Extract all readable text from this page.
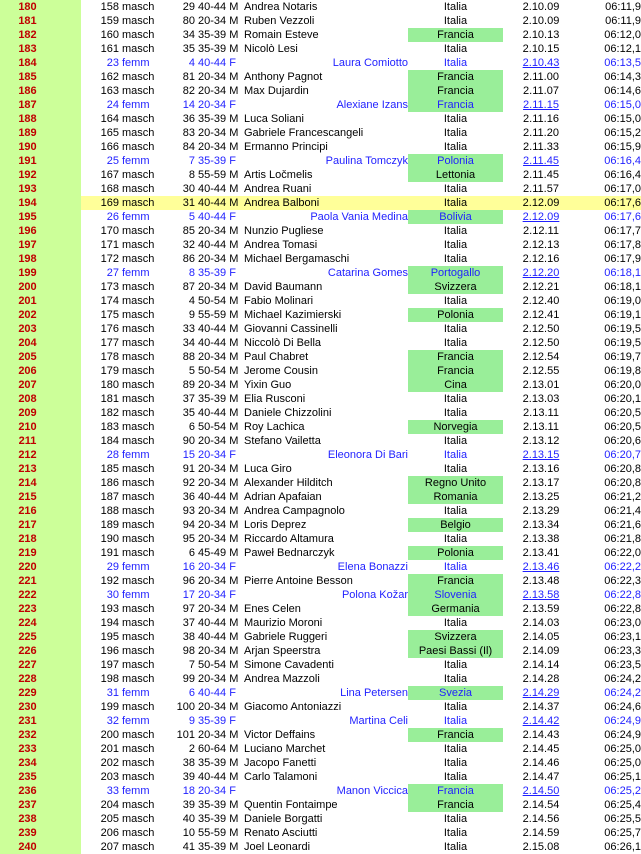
180	158 masch	29 40-44 M Andrea Notaris	Italia	2.10.09	06:11,9
181	159 masch	80 20-34 M Ruben Vezzoli	Italia	2.10.09	06:11,9
182	160 masch	34 35-39 M Romain Esteve	Francia	2.10.13	06:12,0
183	161 masch	35 35-39 M Nicolò Lesi	Italia	2.10.15	06:12,1
184	23 femm	4 40-44 F	Laura Comiotto	Italia	2.10.43	06:13,5
185	162 masch	81 20-34 M Anthony Pagnot	Francia	2.11.00	06:14,3
186	163 masch	82 20-34 M Max Dujardin	Francia	2.11.07	06:14,6
187	24 femm	14 20-34 F	Alexiane Izans	Francia	2.11.15	06:15,0
188	164 masch	36 35-39 M Luca Soliani	Italia	2.11.16	06:15,0
189	165 masch	83 20-34 M Gabriele Francescangeli	Italia	2.11.20	06:15,2
190	166 masch	84 20-34 M Ermanno Principi	Italia	2.11.33	06:15,9
191	25 femm	7 35-39 F	Paulina Tomczyk	Polonia	2.11.45	06:16,4
192	167 masch	8 55-59 M Artis Ločmelis	Lettonia	2.11.45	06:16,4
193	168 masch	30 40-44 M Andrea Ruani	Italia	2.11.57	06:17,0
194	169 masch	31 40-44 M Andrea Balboni	Italia	2.12.09	06:17,6
195	26 femm	5 40-44 F	Paola Vania Medina	Bolivia	2.12.09	06:17,6
196	170 masch	85 20-34 M Nunzio Pugliese	Italia	2.12.11	06:17,7
197	171 masch	32 40-44 M Andrea Tomasi	Italia	2.12.13	06:17,8
198	172 masch	86 20-34 M Michael Bergamaschi	Italia	2.12.16	06:17,9
199	27 femm	8 35-39 F	Catarina Gomes	Portogallo	2.12.20	06:18,1
200	173 masch	87 20-34 M David Baumann	Svizzera	2.12.21	06:18,1
201	174 masch	4 50-54 M Fabio Molinari	Italia	2.12.40	06:19,0
202	175 masch	9 55-59 M Michael Kazimierski	Polonia	2.12.41	06:19,1
203	176 masch	33 40-44 M Giovanni Cassinelli	Italia	2.12.50	06:19,5
204	177 masch	34 40-44 M Niccolò Di Bella	Italia	2.12.50	06:19,5
205	178 masch	88 20-34 M Paul Chabret	Francia	2.12.54	06:19,7
206	179 masch	5 50-54 M Jerome Cousin	Francia	2.12.55	06:19,8
207	180 masch	89 20-34 M Yixin Guo	Cina	2.13.01	06:20,0
208	181 masch	37 35-39 M Elia Rusconi	Italia	2.13.03	06:20,1
209	182 masch	35 40-44 M Daniele Chizzolini	Italia	2.13.11	06:20,5
210	183 masch	6 50-54 M Roy Lachica	Norvegia	2.13.11	06:20,5
211	184 masch	90 20-34 M Stefano Vailetta	Italia	2.13.12	06:20,6
212	28 femm	15 20-34 F	Eleonora Di Bari	Italia	2.13.15	06:20,7
213	185 masch	91 20-34 M Luca Giro	Italia	2.13.16	06:20,8
214	186 masch	92 20-34 M Alexander Hilditch	Regno Unito	2.13.17	06:20,8
215	187 masch	36 40-44 M Adrian Apafaian	Romania	2.13.25	06:21,2
216	188 masch	93 20-34 M Andrea Campagnolo	Italia	2.13.29	06:21,4
217	189 masch	94 20-34 M Loris Deprez	Belgio	2.13.34	06:21,6
218	190 masch	95 20-34 M Riccardo Altamura	Italia	2.13.38	06:21,8
219	191 masch	6 45-49 M Paweł Bednarczyk	Polonia	2.13.41	06:22,0
220	29 femm	16 20-34 F	Elena Bonazzi	Italia	2.13.46	06:22,2
221	192 masch	96 20-34 M Pierre Antoine Besson	Francia	2.13.48	06:22,3
222	30 femm	17 20-34 F	Polona Kožar	Slovenia	2.13.58	06:22,8
223	193 masch	97 20-34 M Enes Celen	Germania	2.13.59	06:22,8
224	194 masch	37 40-44 M Maurizio Moroni	Italia	2.14.03	06:23,0
225	195 masch	38 40-44 M Gabriele Ruggeri	Svizzera	2.14.05	06:23,1
226	196 masch	98 20-34 M Arjan Speerstra	Paesi Bassi (Il)	2.14.09	06:23,3
227	197 masch	7 50-54 M Simone Cavadenti	Italia	2.14.14	06:23,5
228	198 masch	99 20-34 M Andrea Mazzoli	Italia	2.14.28	06:24,2
229	31 femm	6 40-44 F	Lina Petersen	Svezia	2.14.29	06:24,2
230	199 masch	100 20-34 M Giacomo Antoniazzi	Italia	2.14.37	06:24,6
231	32 femm	9 35-39 F	Martina Celi	Italia	2.14.42	06:24,9
232	200 masch	101 20-34 M Victor Deffains	Francia	2.14.43	06:24,9
233	201 masch	2 60-64 M Luciano Marchet	Italia	2.14.45	06:25,0
234	202 masch	38 35-39 M Jacopo Fanetti	Italia	2.14.46	06:25,0
235	203 masch	39 40-44 M Carlo Talamoni	Italia	2.14.47	06:25,1
236	33 femm	18 20-34 F	Manon Viccica	Francia	2.14.50	06:25,2
237	204 masch	39 35-39 M Quentin Fontaimpe	Francia	2.14.54	06:25,4
238	205 masch	40 35-39 M Daniele Borgatti	Italia	2.14.56	06:25,5
239	206 masch	10 55-59 M Renato Asciutti	Italia	2.14.59	06:25,7
240	207 masch	41 35-39 M Joel Leonardi	Italia	2.15.08	06:26,1
